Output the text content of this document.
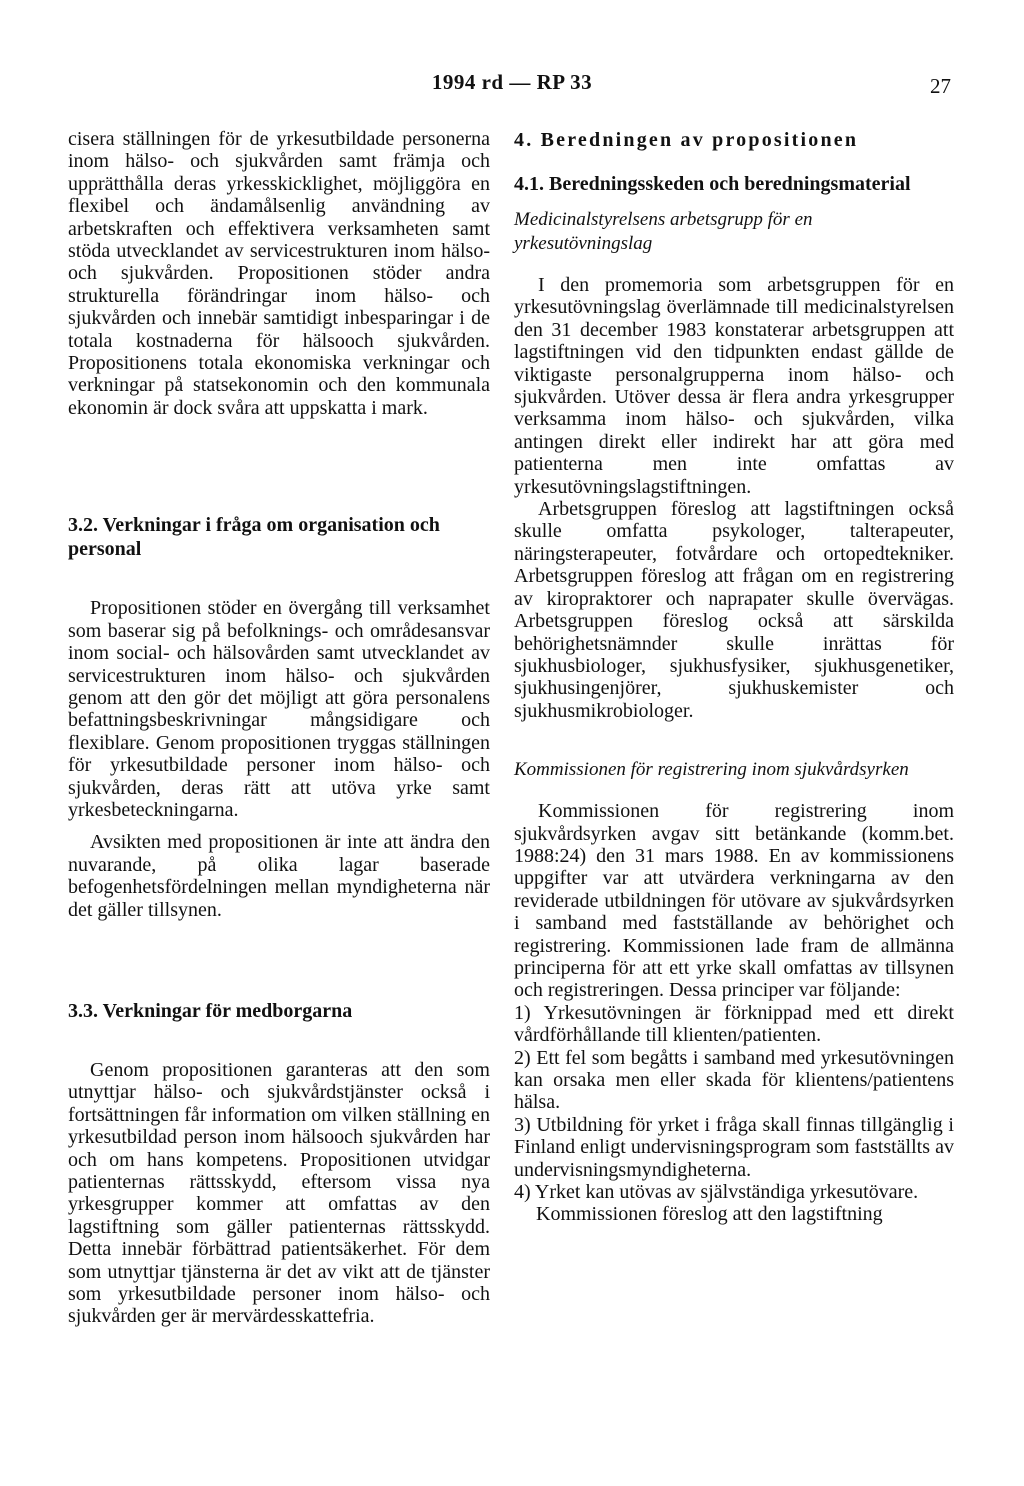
1994 rd — RP 33	27

cisera ställningen för de yrkesutbildade personerna inom hälso- och sjukvården samt främja och upprätthålla deras yrkesskicklighet, möjliggöra en flexibel och ändamålsenlig användning av arbetskraften och effektivera verksamheten samt stöda utvecklandet av servicestrukturen inom hälso- och sjukvården. Propositionen stöder andra strukturella förändringar inom hälso- och sjukvården och innebär samtidigt inbesparingar i de totala kostnaderna för hälsooch sjukvården. Propositionens totala ekonomiska verkningar och verkningar på statsekonomin och den kommunala ekonomin är dock svåra att uppskatta i mark.

3.2. Verkningar i fråga om organisation och personal

Propositionen stöder en övergång till verksamhet som baserar sig på befolknings- och områdesansvar inom social- och hälsovården samt utvecklandet av servicestrukturen inom hälso- och sjukvården genom att den gör det möjligt att göra personalens befattningsbeskrivningar mångsidigare och flexiblare. Genom propositionen tryggas ställningen för yrkesutbildade personer inom hälso- och sjukvården, deras rätt att utöva yrke samt yrkesbeteckningarna.

Avsikten med propositionen är inte att ändra den nuvarande, på olika lagar baserade befogenhetsfördelningen mellan myndigheterna när det gäller tillsynen.

3.3. Verkningar för medborgarna

Genom propositionen garanteras att den som utnyttjar hälso- och sjukvårdstjänster också i fortsättningen får information om vilken ställning en yrkesutbildad person inom hälsooch sjukvården har och om hans kompetens. Propositionen utvidgar patienternas rättsskydd, eftersom vissa nya yrkesgrupper kommer att omfattas av den lagstiftning som gäller patienternas rättsskydd. Detta innebär förbättrad patientsäkerhet. För dem som utnyttjar tjänsterna är det av vikt att de tjänster som yrkesutbildade personer inom hälso- och sjukvården ger är mervärdesskattefria.

4. Beredningen av propositionen

4.1. Beredningsskeden och beredningsmaterial

Medicinalstyrelsens arbetsgrupp för en yrkesutövningslag

I den promemoria som arbetsgruppen för en yrkesutövningslag överlämnade till medicinalstyrelsen den 31 december 1983 konstaterar arbetsgruppen att lagstiftningen vid den tidpunkten endast gällde de viktigaste personalgrupperna inom hälso- och sjukvården. Utöver dessa är flera andra yrkesgrupper verksamma inom hälso- och sjukvården, vilka antingen direkt eller indirekt har att göra med patienterna men inte omfattas av yrkesutövningslagstiftningen.

Arbetsgruppen föreslog att lagstiftningen också skulle omfatta psykologer, talterapeuter, näringsterapeuter, fotvårdare och ortopedtekniker. Arbetsgruppen föreslog att frågan om en registrering av kiropraktorer och naprapater skulle övervägas. Arbetsgruppen föreslog också att särskilda behörighetsnämnder skulle inrättas för sjukhusbiologer, sjukhusfysiker, sjukhusgenetiker, sjukhusingenjörer, sjukhuskemister och sjukhusmikrobiologer.

Kommissionen för registrering inom sjukvårdsyrken

Kommissionen för registrering inom sjukvårdsyrken avgav sitt betänkande (komm.bet. 1988:24) den 31 mars 1988. En av kommissionens uppgifter var att utvärdera verkningarna av den reviderade utbildningen för utövare av sjukvårdsyrken i samband med fastställande av behörighet och registrering. Kommissionen lade fram de allmänna principerna för att ett yrke skall omfattas av tillsynen och registreringen. Dessa principer var följande:

1) Yrkesutövningen är förknippad med ett direkt vårdförhållande till klienten/patienten.

2) Ett fel som begåtts i samband med yrkesutövningen kan orsaka men eller skada för klientens/patientens hälsa.

3) Utbildning för yrket i fråga skall finnas tillgänglig i Finland enligt undervisningsprogram som fastställts av undervisningsmyndigheterna.

4) Yrket kan utövas av självständiga yrkesutövare.

Kommissionen föreslog att den lagstiftning
